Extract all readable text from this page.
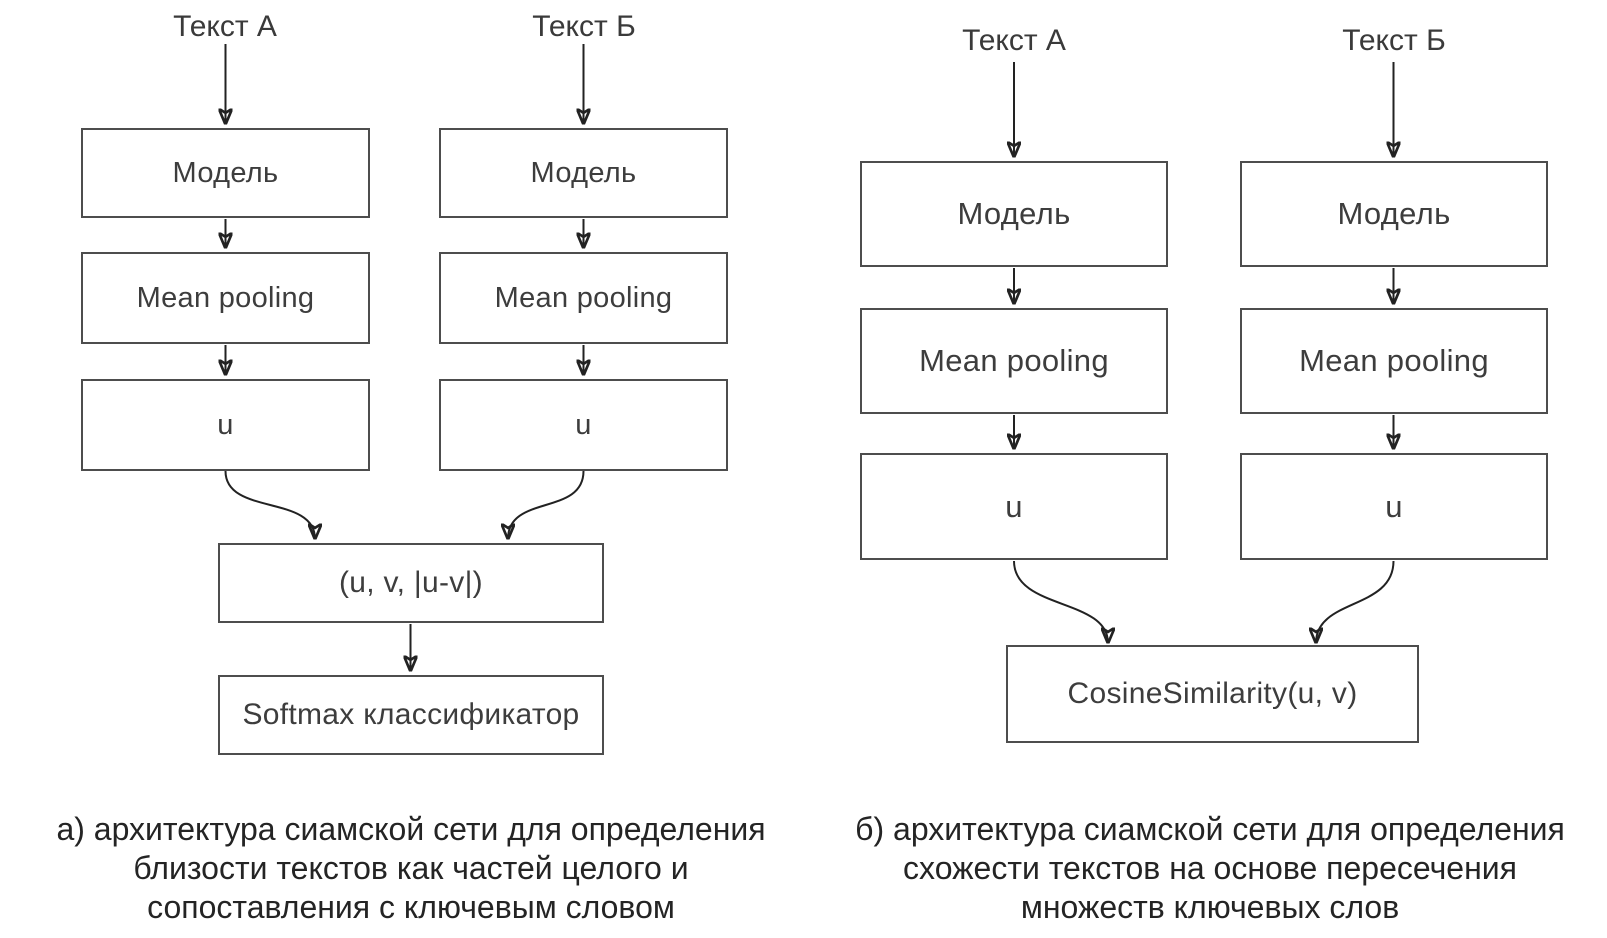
Текст А	Текст Б
Модель	Модель
Mean pooling	Mean pooling
u	u
(u, v, |u-v|)
Softmax классификатор
а) архитектура сиамской сети для определения
близости текстов как частей целого и
сопоставления с ключевым словом
Текст А	Текст Б
Модель	Модель
Mean pooling	Mean pooling
u	u
CosineSimilarity(u, v)
б) архитектура сиамской сети для определения
схожести текстов на основе пересечения
множеств ключевых слов
